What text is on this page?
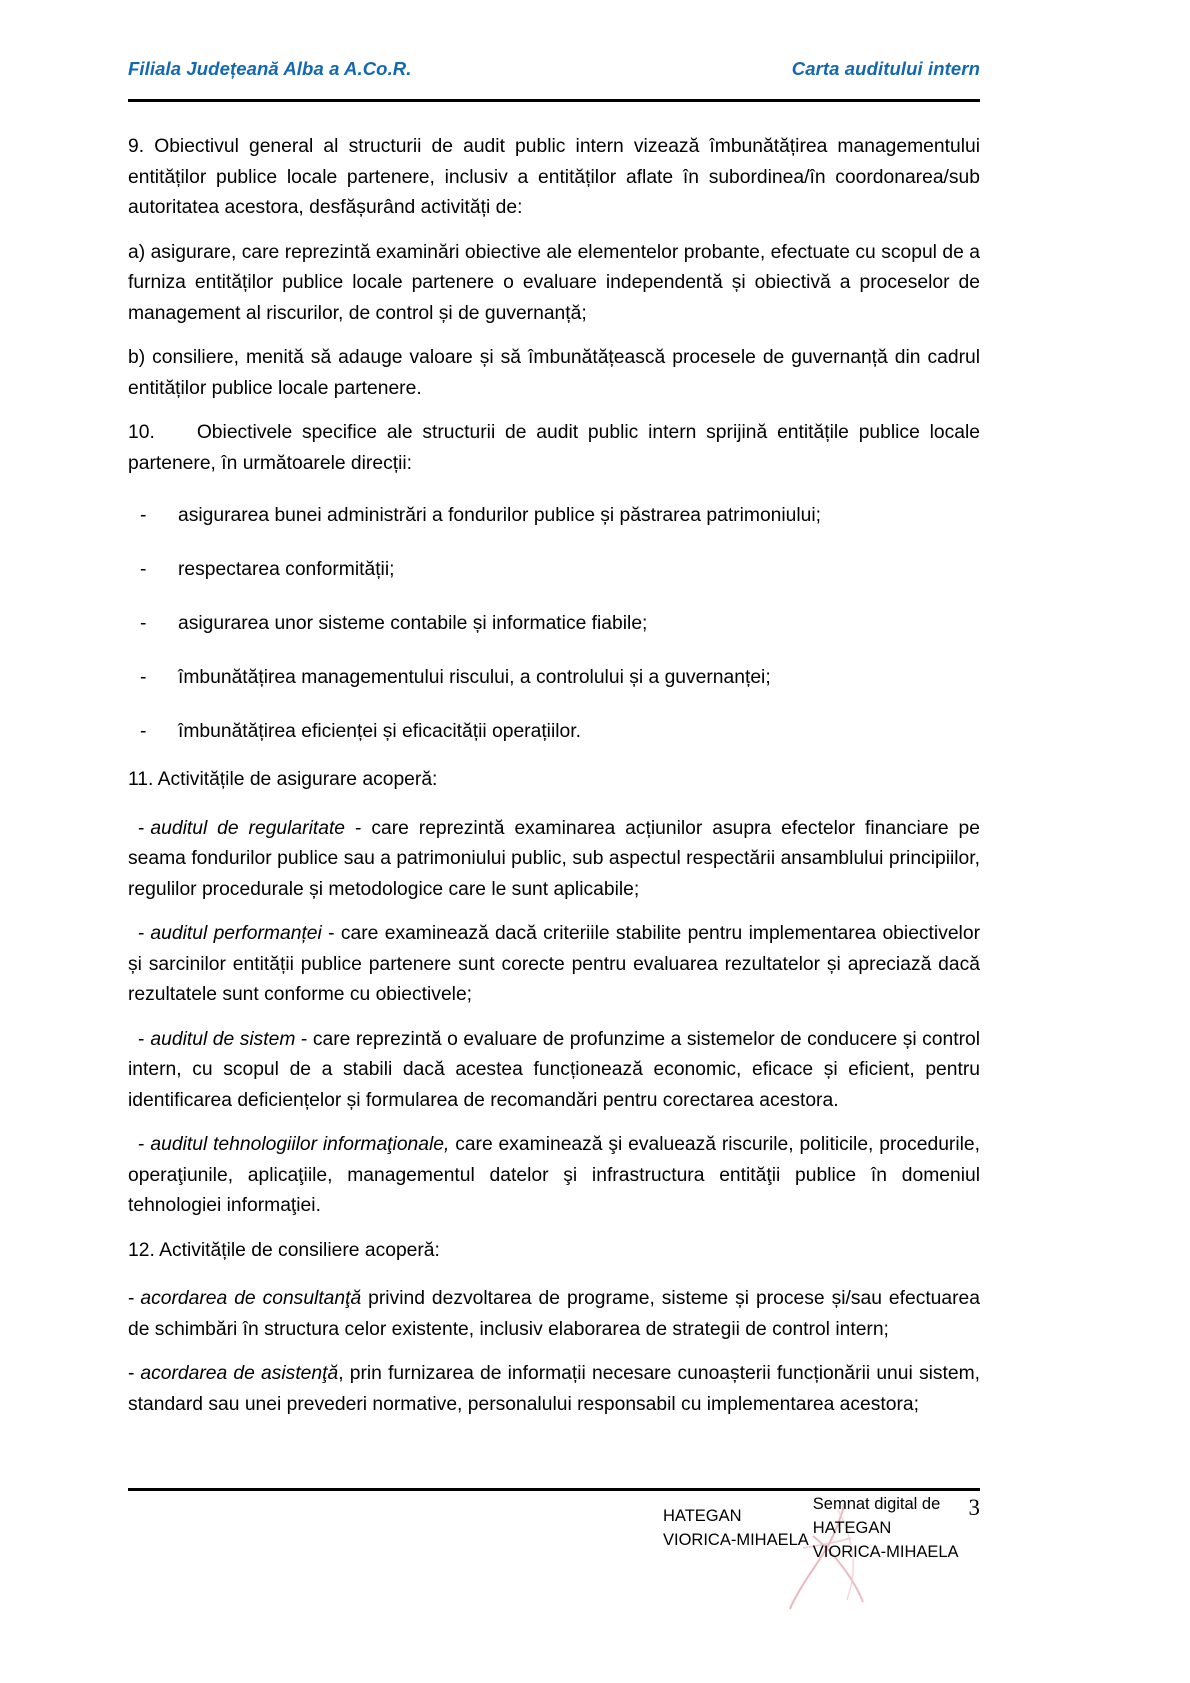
Filiala Județeană Alba a A.Co.R.	Carta auditului intern

9. Obiectivul general al structurii de audit public intern vizează îmbunătățirea managementului entităților publice locale partenere, inclusiv a entităților aflate în subordinea/în coordonarea/sub autoritatea acestora, desfășurând activități de:

a) asigurare, care reprezintă examinări obiective ale elementelor probante, efectuate cu scopul de a furniza entităților publice locale partenere o evaluare independentă și obiectivă a proceselor de management al riscurilor, de control și de guvernanță;

b) consiliere, menită să adauge valoare și să îmbunătățească procesele de guvernanță din cadrul entităților publice locale partenere.

10. Obiectivele specifice ale structurii de audit public intern sprijină entitățile publice locale partenere, în următoarele direcții:

- asigurarea bunei administrări a fondurilor publice și păstrarea patrimoniului;
- respectarea conformității;
- asigurarea unor sisteme contabile și informatice fiabile;
- îmbunătățirea managementului riscului, a controlului și a guvernanței;
- îmbunătățirea eficienței și eficacității operațiilor.

11. Activitățile de asigurare acoperă:

- auditul de regularitate - care reprezintă examinarea acțiunilor asupra efectelor financiare pe seama fondurilor publice sau a patrimoniului public, sub aspectul respectării ansamblului principiilor, regulilor procedurale și metodologice care le sunt aplicabile;

- auditul performanței - care examinează dacă criteriile stabilite pentru implementarea obiectivelor și sarcinilor entității publice partenere sunt corecte pentru evaluarea rezultatelor și apreciază dacă rezultatele sunt conforme cu obiectivele;

- auditul de sistem - care reprezintă o evaluare de profunzime a sistemelor de conducere și control intern, cu scopul de a stabili dacă acestea funcționează economic, eficace și eficient, pentru identificarea deficiențelor și formularea de recomandări pentru corectarea acestora.

- auditul tehnologiilor informaţionale, care examinează şi evaluează riscurile, politicile, procedurile, operaţiunile, aplicaţiile, managementul datelor şi infrastructura entităţii publice în domeniul tehnologiei informaţiei.

12. Activitățile de consiliere acoperă:

- acordarea de consultanţă privind dezvoltarea de programe, sisteme și procese și/sau efectuarea de schimbări în structura celor existente, inclusiv elaborarea de strategii de control intern;

- acordarea de asistenţă, prin furnizarea de informații necesare cunoașterii funcționării unui sistem, standard sau unei prevederi normative, personalului responsabil cu implementarea acestora;

HATEGAN
VIORICA-MIHAELA
Semnat digital de
HATEGAN
VIORICA-MIHAELA
3
